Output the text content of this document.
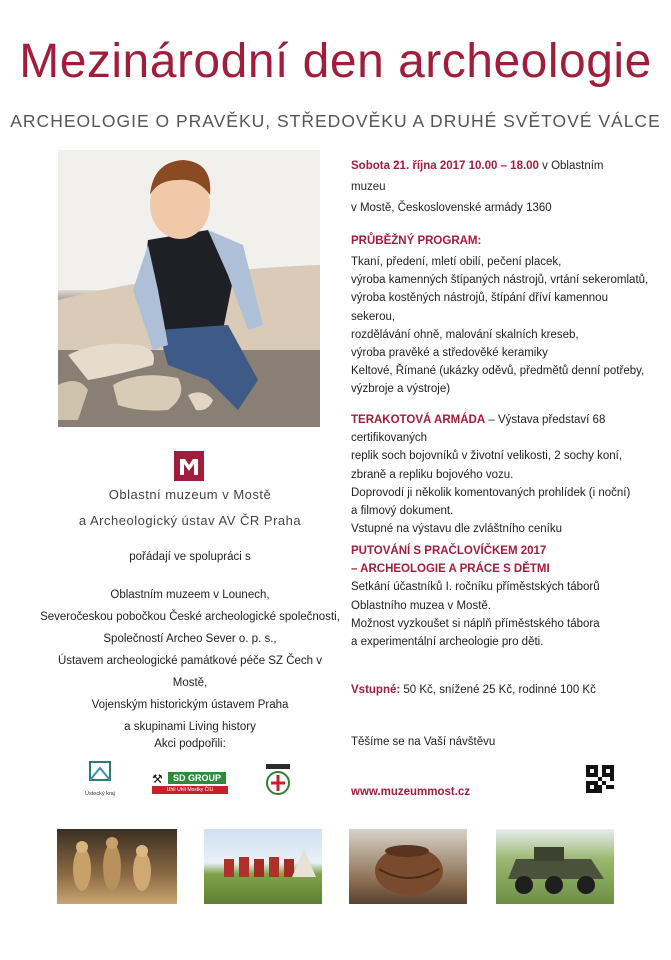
Mezinárodní den archeologie
ARCHEOLOGIE O PRAVĚKU, STŘEDOVĚKU A DRUHÉ SVĚTOVÉ VÁLCE
Oblastní muzeum v Mostě
a Archeologický ústav AV ČR Praha
pořádají ve spolupráci s
Oblastním muzeem v Lounech,
Severočeskou pobočkou České archeologické společnosti,
Společností Archeo Sever o. p. s.,
Ústavem archeologické památkové péče SZ Čech v Mostě,
Vojenským historickým ústavem Praha
a skupinami Living history
Akci podpořili:
Ústecký kraj
⚒	SD GROUP
Uhlí Uhlí Mostky ČIU
Sobota 21. října 2017 10.00 – 18.00 v Oblastním muzeu
v Mostě, Československé armády 1360
PRŮBĚŽNÝ PROGRAM:
Tkaní, předení, mletí obilí, pečení placek,
výroba kamenných štípaných nástrojů, vrtání sekeromlatů,
výroba kostěných nástrojů, štípání dříví kamennou sekerou,
rozdělávání ohně, malování skalních kreseb,
výroba pravěké a středověké keramiky
Keltové, Římané (ukázky oděvů, předmětů denní potřeby,
výzbroje a výstroje)
TERAKOTOVÁ ARMÁDA – Výstava představí 68 certifikovaných
replik soch bojovníků v životní velikosti, 2 sochy koní,
zbraně a repliku bojového vozu.
Doprovodí ji několik komentovaných prohlídek (i noční)
a filmový dokument.
Vstupné na výstavu dle zvláštního ceníku
PUTOVÁNÍ S PRAČLOVÍČKEM 2017
– ARCHEOLOGIE A PRÁCE S DĚTMI
Setkání účastníků I. ročníku příměstských táborů
Oblastního muzea v Mostě.
Možnost vyzkoušet si náplň příměstského tábora
a experimentální archeologie pro děti.
Vstupné: 50 Kč, snížené 25 Kč, rodinné 100 Kč
Těšíme se na Vaší návštěvu
www.muzeummost.cz
